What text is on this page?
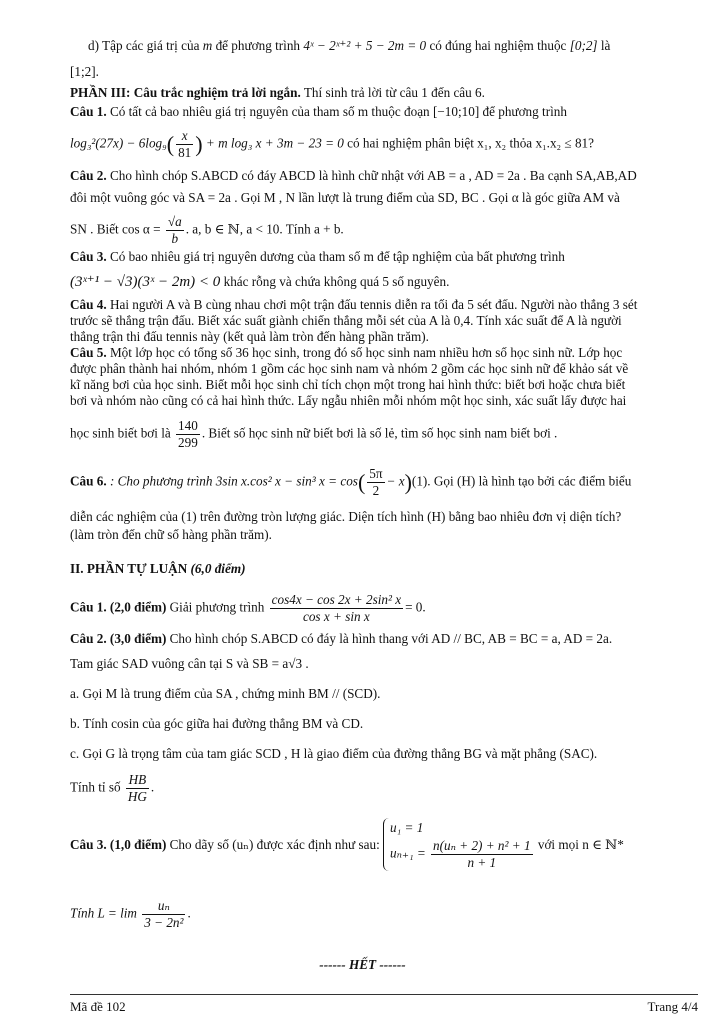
d) Tập các giá trị của m để phương trình 4ˣ − 2ˣ⁺² + 5 − 2m = 0 có đúng hai nghiệm thuộc [0;2] là
[1;2].
PHẦN III: Câu trắc nghiệm trả lời ngắn. Thí sinh trả lời từ câu 1 đến câu 6.
Câu 1. Có tất cả bao nhiêu giá trị nguyên của tham số m thuộc đoạn [−10;10] để phương trình
$\log_3^2(27x) - 6\log_9( \frac{x}{81}$ ) + m log₃ x + 3m − 23 = 0 có hai nghiệm phân biệt x₁, x₂ thỏa x₁.x₂ ≤ 81?
Câu 2. Cho hình chóp S.ABCD có đáy ABCD là hình chữ nhật với AB = a , AD = 2a . Ba cạnh SA,AB,AD
đôi một vuông góc và SA = 2a . Gọi M , N lần lượt là trung điểm của SD, BC . Gọi α là góc giữa AM và
SN . Biết $\cos \alpha = \frac{√a}{b}$ . a, b ∈ ℕ, a < 10. Tính a + b.
Câu 3. Có bao nhiêu giá trị nguyên dương của tham số m để tập nghiệm của bất phương trình
(3ˣ⁺¹ − √3)(3ˣ − 2m) < 0 khác rỗng và chứa không quá 5 số nguyên.
Câu 4. Hai người A và B cùng nhau chơi một trận đấu tennis diễn ra tối đa 5 sét đấu. Người nào thắng 3 sét
trước sẽ thắng trận đấu. Biết xác suất giành chiến thắng mỗi sét của A là 0,4. Tính xác suất để A là người
thắng trận thi đấu tennis này (kết quả làm tròn đến hàng phần trăm).
Câu 5. Một lớp học có tổng số 36 học sinh, trong đó số học sinh nam nhiều hơn số học sinh nữ. Lớp học
được phân thành hai nhóm, nhóm 1 gồm các học sinh nam và nhóm 2 gồm các học sinh nữ để khảo sát về
kĩ năng bơi của học sinh. Biết mỗi học sinh chỉ tích chọn một trong hai hình thức: biết bơi hoặc chưa biết
bơi và nhóm nào cũng có cả hai hình thức. Lấy ngẫu nhiên mỗi nhóm một học sinh, xác suất lấy được hai
học sinh biết bơi là $\frac{140}{299}$ . Biết số học sinh nữ biết bơi là số lẻ, tìm số học sinh nam biết bơi .
Câu 6. : Cho phương trình 3sin x.cos² x − sin³ $x = \cos( \frac{5\pi}{2} - x)(1)$. Gọi (H) là hình tạo bởi các điểm biểu
diễn các nghiệm của (1) trên đường tròn lượng giác. Diện tích hình (H) bằng bao nhiêu đơn vị diện tích?
(làm tròn đến chữ số hàng phần trăm).
II. PHẦN TỰ LUẬN (6,0 điểm)
Câu 1. (2,0 điểm) Giải phương trình $\frac{\text{cos4x − cos 2x + 2sin² x}}{\text{cos x + sin x}} = 0$.
Câu 2. (3,0 điểm) Cho hình chóp S.ABCD có đáy là hình thang với AD // BC, AB = BC = a, AD = 2a.
Tam giác SAD vuông cân tại S và SB = a√3 .
a. Gọi M là trung điểm của SA , chứng minh BM // (SCD).
b. Tính cosin của góc giữa hai đường thẳng BM và CD.
c. Gọi G là trọng tâm của tam giác SCD , H là giao điểm của đường thẳng BG và mặt phẳng (SAC).
Tính tỉ số $\frac{HB}{HG}$ .
Câu 3. (1,0 điểm) Cho dãy số (uₙ) được xác định như sau:
u₁ = 1
$u_{n+1} = \frac{\text{n(uₙ + 2) + n² + 1}}{n + 1}$ với mọi n ∈ ℕ*
Tính $L = \lim \frac{\text{uₙ}}{\text{3 − 2n²}}$ .
------ HẾT ------
Mã đề 102	Trang 4/4
